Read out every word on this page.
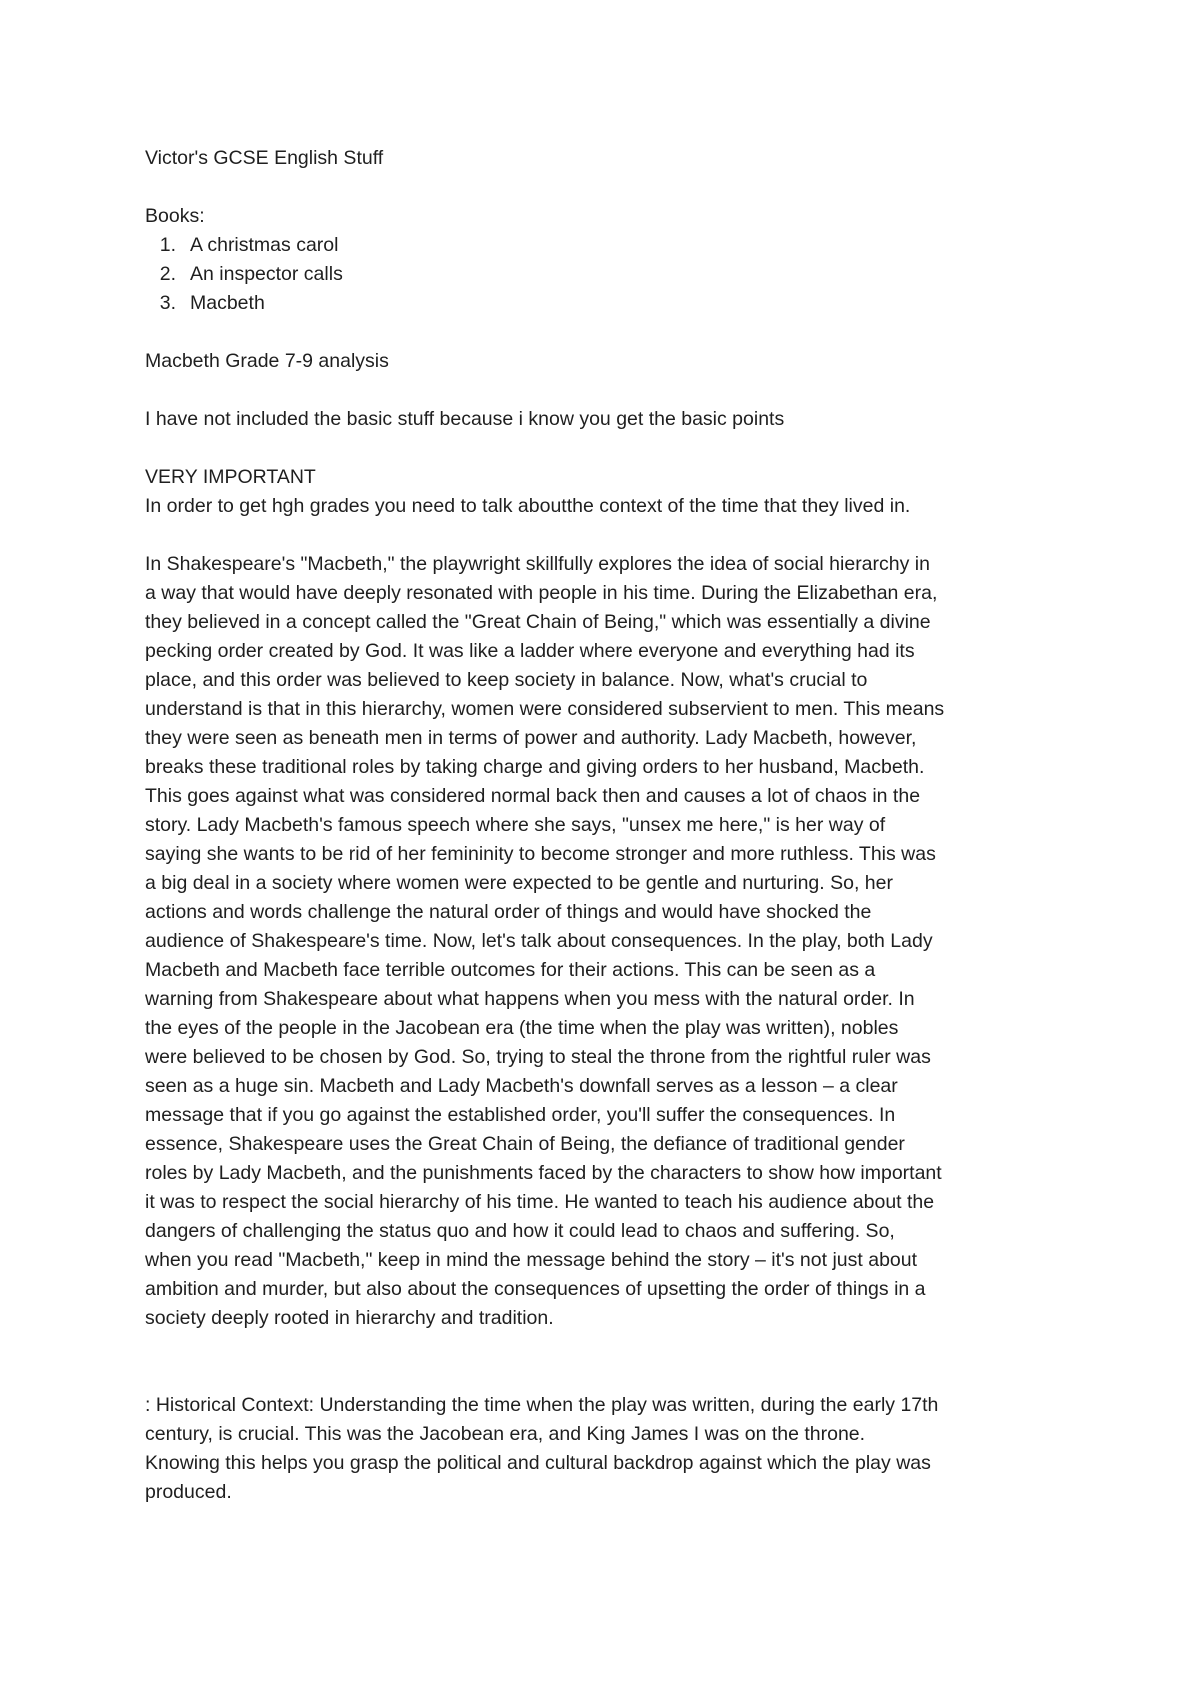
Victor's GCSE English Stuff

Books:

1. A christmas carol
2. An inspector calls
3. Macbeth

Macbeth Grade 7-9 analysis

I have not included the basic stuff because i know you get the basic points

VERY IMPORTANT

In order to get hgh grades you need to talk aboutthe context of the time that they lived in.

In Shakespeare's "Macbeth," the playwright skillfully explores the idea of social hierarchy in
a way that would have deeply resonated with people in his time. During the Elizabethan era,
they believed in a concept called the "Great Chain of Being," which was essentially a divine
pecking order created by God. It was like a ladder where everyone and everything had its
place, and this order was believed to keep society in balance. Now, what's crucial to
understand is that in this hierarchy, women were considered subservient to men. This means
they were seen as beneath men in terms of power and authority. Lady Macbeth, however,
breaks these traditional roles by taking charge and giving orders to her husband, Macbeth.
This goes against what was considered normal back then and causes a lot of chaos in the
story. Lady Macbeth's famous speech where she says, "unsex me here," is her way of
saying she wants to be rid of her femininity to become stronger and more ruthless. This was
a big deal in a society where women were expected to be gentle and nurturing. So, her
actions and words challenge the natural order of things and would have shocked the
audience of Shakespeare's time. Now, let's talk about consequences. In the play, both Lady
Macbeth and Macbeth face terrible outcomes for their actions. This can be seen as a
warning from Shakespeare about what happens when you mess with the natural order. In
the eyes of the people in the Jacobean era (the time when the play was written), nobles
were believed to be chosen by God. So, trying to steal the throne from the rightful ruler was
seen as a huge sin. Macbeth and Lady Macbeth's downfall serves as a lesson – a clear
message that if you go against the established order, you'll suffer the consequences. In
essence, Shakespeare uses the Great Chain of Being, the defiance of traditional gender
roles by Lady Macbeth, and the punishments faced by the characters to show how important
it was to respect the social hierarchy of his time. He wanted to teach his audience about the
dangers of challenging the status quo and how it could lead to chaos and suffering. So,
when you read "Macbeth," keep in mind the message behind the story – it's not just about
ambition and murder, but also about the consequences of upsetting the order of things in a
society deeply rooted in hierarchy and tradition.
: Historical Context: Understanding the time when the play was written, during the early 17th
century, is crucial. This was the Jacobean era, and King James I was on the throne.
Knowing this helps you grasp the political and cultural backdrop against which the play was
produced.
